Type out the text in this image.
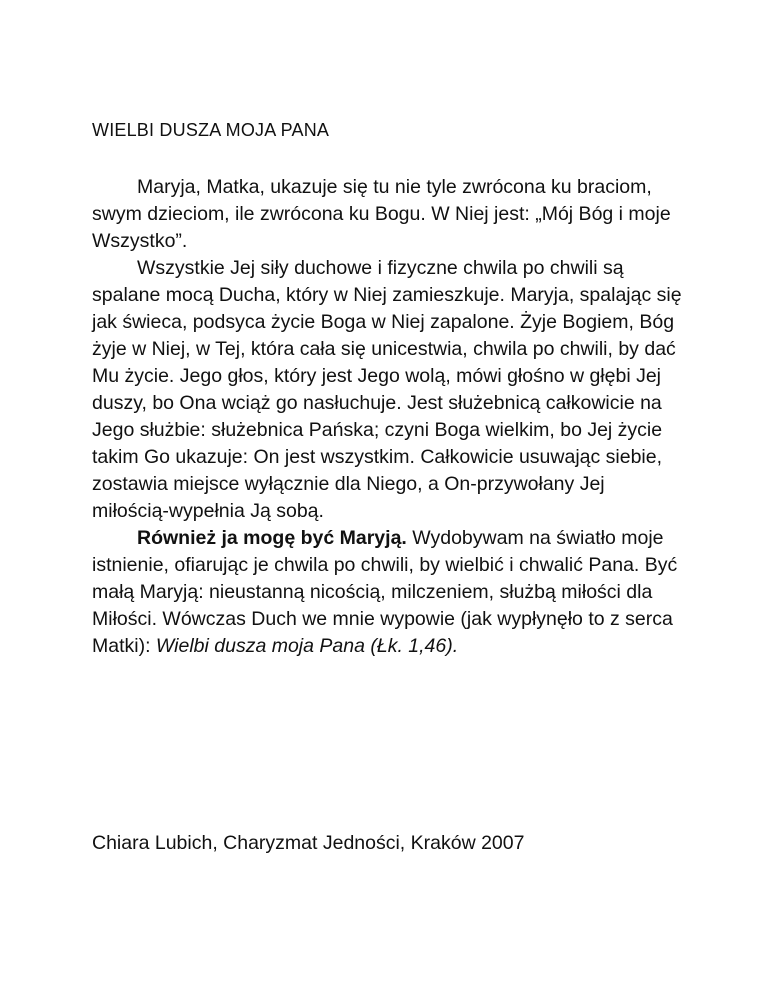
WIELBI DUSZA MOJA PANA

Maryja, Matka, ukazuje się tu nie tyle zwrócona ku braciom, swym dzieciom, ile zwrócona ku Bogu. W Niej jest: „Mój Bóg i moje Wszystko”.

Wszystkie Jej siły duchowe i fizyczne chwila po chwili są spalane mocą Ducha, który w Niej zamieszkuje. Maryja, spalając się jak świeca, podsyca życie Boga w Niej zapalone. Żyje Bogiem, Bóg żyje w Niej, w Tej, która cała się unicestwia, chwila po chwili, by dać Mu życie. Jego głos, który jest Jego wolą, mówi głośno w głębi Jej duszy, bo Ona wciąż go nasłuchuje. Jest służebnicą całkowicie na Jego służbie: służebnica Pańska; czyni Boga wielkim, bo Jej życie takim Go ukazuje: On jest wszystkim. Całkowicie usuwając siebie, zostawia miejsce wyłącznie dla Niego, a On-przywołany Jej miłością-wypełnia Ją sobą.

Również ja mogę być Maryją. Wydobywam na światło moje istnienie, ofiarując je chwila po chwili, by wielbić i chwalić Pana. Być małą Maryją: nieustanną nicością, milczeniem, służbą miłości dla Miłości. Wówczas Duch we mnie wypowie (jak wypłynęło to z serca Matki): Wielbi dusza moja Pana (Łk. 1,46).

Chiara Lubich, Charyzmat Jedności, Kraków 2007
